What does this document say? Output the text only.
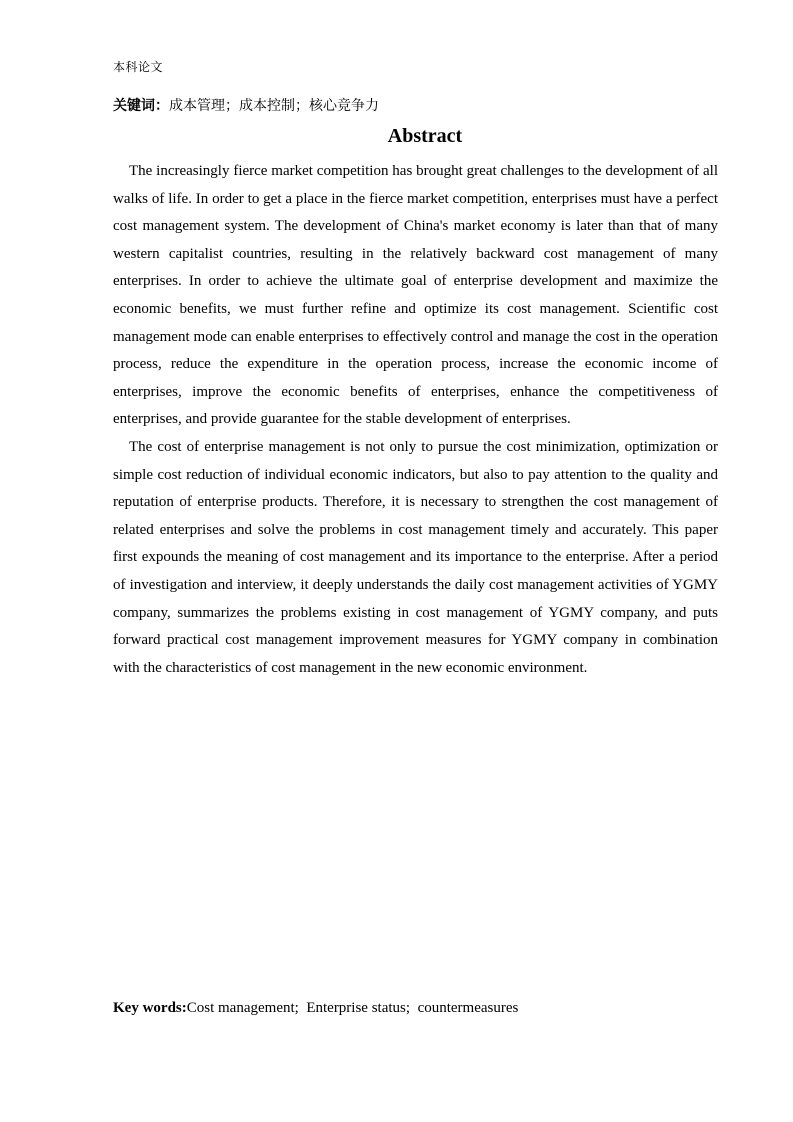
本科论文
关键词：成本管理；成本控制；核心竞争力
Abstract

The increasingly fierce market competition has brought great challenges to the development of all walks of life. In order to get a place in the fierce market competition, enterprises must have a perfect cost management system. The development of China's market economy is later than that of many western capitalist countries, resulting in the relatively backward cost management of many enterprises. In order to achieve the ultimate goal of enterprise development and maximize the economic benefits, we must further refine and optimize its cost management. Scientific cost management mode can enable enterprises to effectively control and manage the cost in the operation process, reduce the expenditure in the operation process, increase the economic income of enterprises, improve the economic benefits of enterprises, enhance the competitiveness of enterprises, and provide guarantee for the stable development of enterprises.

The cost of enterprise management is not only to pursue the cost minimization, optimization or simple cost reduction of individual economic indicators, but also to pay attention to the quality and reputation of enterprise products. Therefore, it is necessary to strengthen the cost management of related enterprises and solve the problems in cost management timely and accurately. This paper first expounds the meaning of cost management and its importance to the enterprise. After a period of investigation and interview, it deeply understands the daily cost management activities of YGMY company, summarizes the problems existing in cost management of YGMY company, and puts forward practical cost management improvement measures for YGMY company in combination with the characteristics of cost management in the new economic environment.

Key words:Cost management;  Enterprise status;  countermeasures
